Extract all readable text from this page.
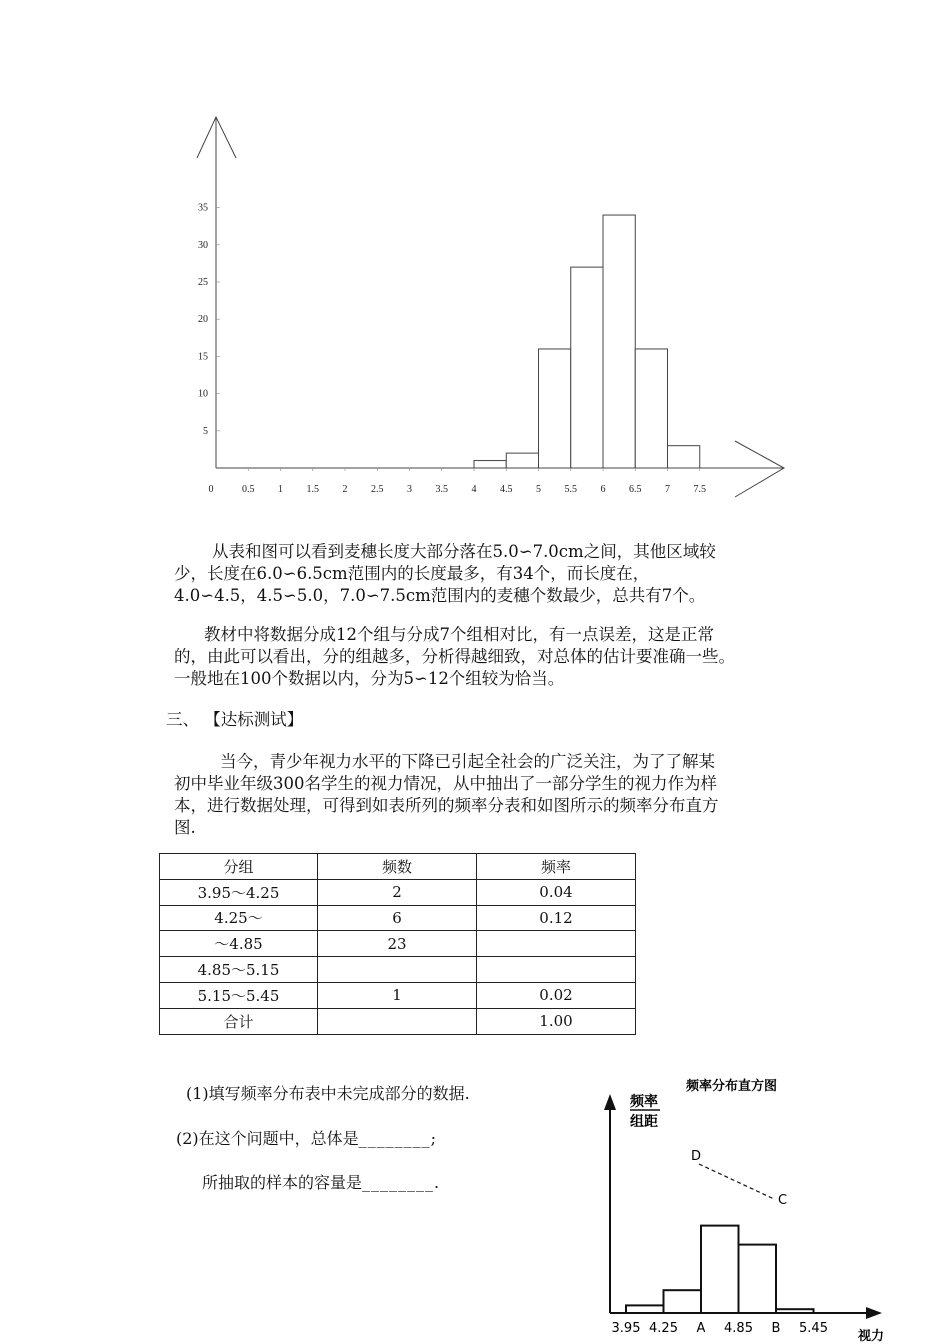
0	0.5 1 1.5 2 2.5 3 3.5 4 4.5 5 5.5 6 6.5 7 7.5
5
10
15
20
25
30
35
从表和图可以看到麦穗长度大部分落在5.0∽7.0cm之间，其他区域较
少，长度在6.0∽6.5cm范围内的长度最多，有34个，而长度在，
4.0∽4.5，4.5∽5.0，7.0∽7.5cm范围内的麦穗个数最少，总共有7个。
教材中将数据分成12个组与分成7个组相对比，有一点误差，这是正常
的，由此可以看出，分的组越多，分析得越细致，对总体的估计要准确一些。
一般地在100个数据以内，分为5∽12个组较为恰当。
三、 【达标测试】
当今，青少年视力水平的下降已引起全社会的广泛关注，为了了解某
初中毕业年级300名学生的视力情况，从中抽出了一部分学生的视力作为样
本，进行数据处理，可得到如表所列的频率分表和如图所示的频率分布直方
图.
分组	频数	频率
3.95～4.25	2	0.04
4.25～	6	0.12
～4.85	23	
4.85～5.15		
5.15～5.45	1	0.02
合计		1.00
(1)填写频率分布表中未完成部分的数据.
(2)在这个问题中，总体是________;
所抽取的样本的容量是________.
频率分布直方图
频率
组距
视力
3.95 4.25 A 4.85 B 5.45
D
C
